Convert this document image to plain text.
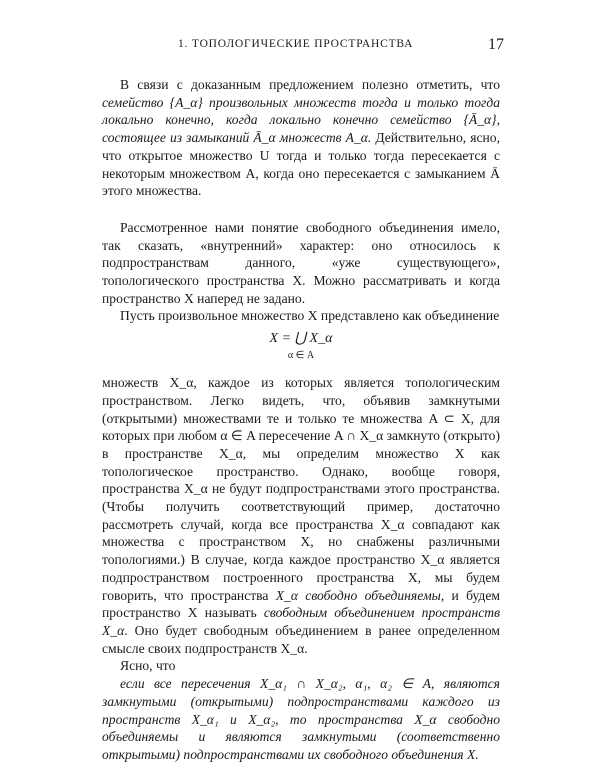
1. ТОПОЛОГИЧЕСКИЕ ПРОСТРАНСТВА	17

В связи с доказанным предложением полезно отметить, что семейство {A_α} произвольных множеств тогда и только тогда локально конечно, когда локально конечно семейство {Ā_α}, состоящее из замыканий Ā_α множеств A_α. Действительно, ясно, что открытое множество U тогда и только тогда пересекается с некоторым множеством A, когда оно пересекается с замыканием Ā этого множества.

Рассмотренное нами понятие свободного объединения имело, так сказать, «внутренний» характер: оно относилось к подпространствам данного, «уже существующего», топологического пространства X. Можно рассматривать и когда пространство X наперед не задано.

Пусть произвольное множество X представлено как объединение

X = ⋃ X_α
α ∈ A

множеств X_α, каждое из которых является топологическим пространством. Легко видеть, что, объявив замкнутыми (открытыми) множествами те и только те множества A ⊂ X, для которых при любом α ∈ A пересечение A ∩ X_α замкнуто (открыто) в пространстве X_α, мы определим множество X как топологическое пространство. Однако, вообще говоря, пространства X_α не будут подпространствами этого пространства. (Чтобы получить соответствующий пример, достаточно рассмотреть случай, когда все пространства X_α совпадают как множества с пространством X, но снабжены различными топологиями.) В случае, когда каждое пространство X_α является подпространством построенного пространства X, мы будем говорить, что пространства X_α свободно объединяемы, и будем пространство X называть свободным объединением пространств X_α. Оно будет свободным объединением в ранее определенном смысле своих подпространств X_α.

Ясно, что

если все пересечения X_α₁ ∩ X_α₂, α₁, α₂ ∈ A, являются замкнутыми (открытыми) подпространствами каждого из пространств X_α₁ и X_α₂, то пространства X_α свободно объединяемы и являются замкнутыми (соответственно открытыми) подпространствами их свободного объединения X.
